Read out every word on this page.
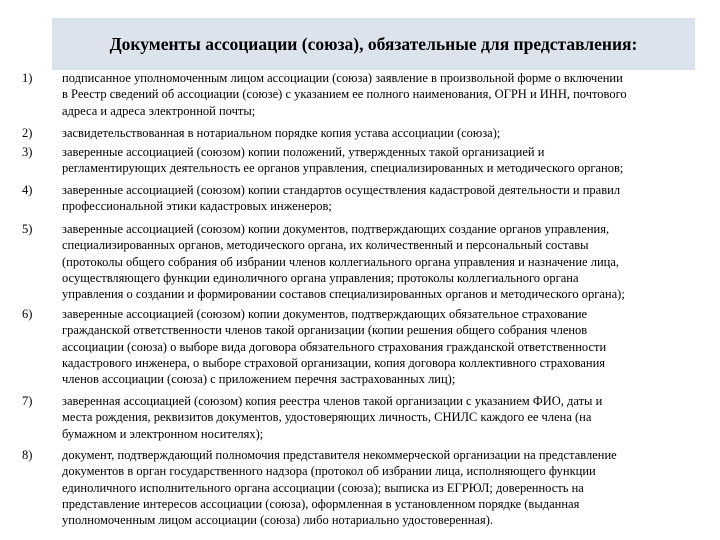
Документы ассоциации (союза), обязательные для представления:
1) подписанное уполномоченным лицом ассоциации (союза) заявление в произвольной форме о включении
в Реестр сведений об ассоциации (союзе) с указанием ее полного наименования, ОГРН и ИНН, почтового
адреса и адреса электронной почты;
2) засвидетельствованная в нотариальном порядке копия устава ассоциации (союза);
3) заверенные ассоциацией (союзом) копии положений, утвержденных такой организацией и
регламентирующих деятельность ее органов управления, специализированных и методического органов;
4) заверенные ассоциацией (союзом) копии стандартов осуществления кадастровой деятельности и правил
профессиональной этики кадастровых инженеров;
5) заверенные ассоциацией (союзом) копии документов, подтверждающих создание органов управления,
специализированных органов, методического органа, их количественный и персональный составы
(протоколы общего собрания об избрании членов коллегиального органа управления и назначение лица,
осуществляющего функции единоличного органа управления; протоколы коллегиального органа
управления о создании и формировании составов специализированных органов и методического органа);
6) заверенные ассоциацией (союзом) копии документов, подтверждающих обязательное страхование
гражданской ответственности членов такой организации (копии решения общего собрания членов
ассоциации (союза) о выборе вида договора обязательного страхования гражданской ответственности
кадастрового инженера, о выборе страховой организации, копия договора коллективного страхования
членов ассоциации (союза) с приложением перечня застрахованных лиц);
7) заверенная ассоциацией (союзом) копия реестра членов такой организации с указанием ФИО, даты и
места рождения, реквизитов документов, удостоверяющих личность, СНИЛС каждого ее члена (на
бумажном и электронном носителях);
8) документ, подтверждающий полномочия представителя некоммерческой организации на представление
документов в орган государственного надзора (протокол об избрании лица, исполняющего функции
единоличного исполнительного органа ассоциации (союза); выписка из ЕГРЮЛ; доверенность на
представление интересов ассоциации (союза), оформленная в установленном порядке (выданная
уполномоченным лицом ассоциации (союза) либо нотариально удостоверенная).
